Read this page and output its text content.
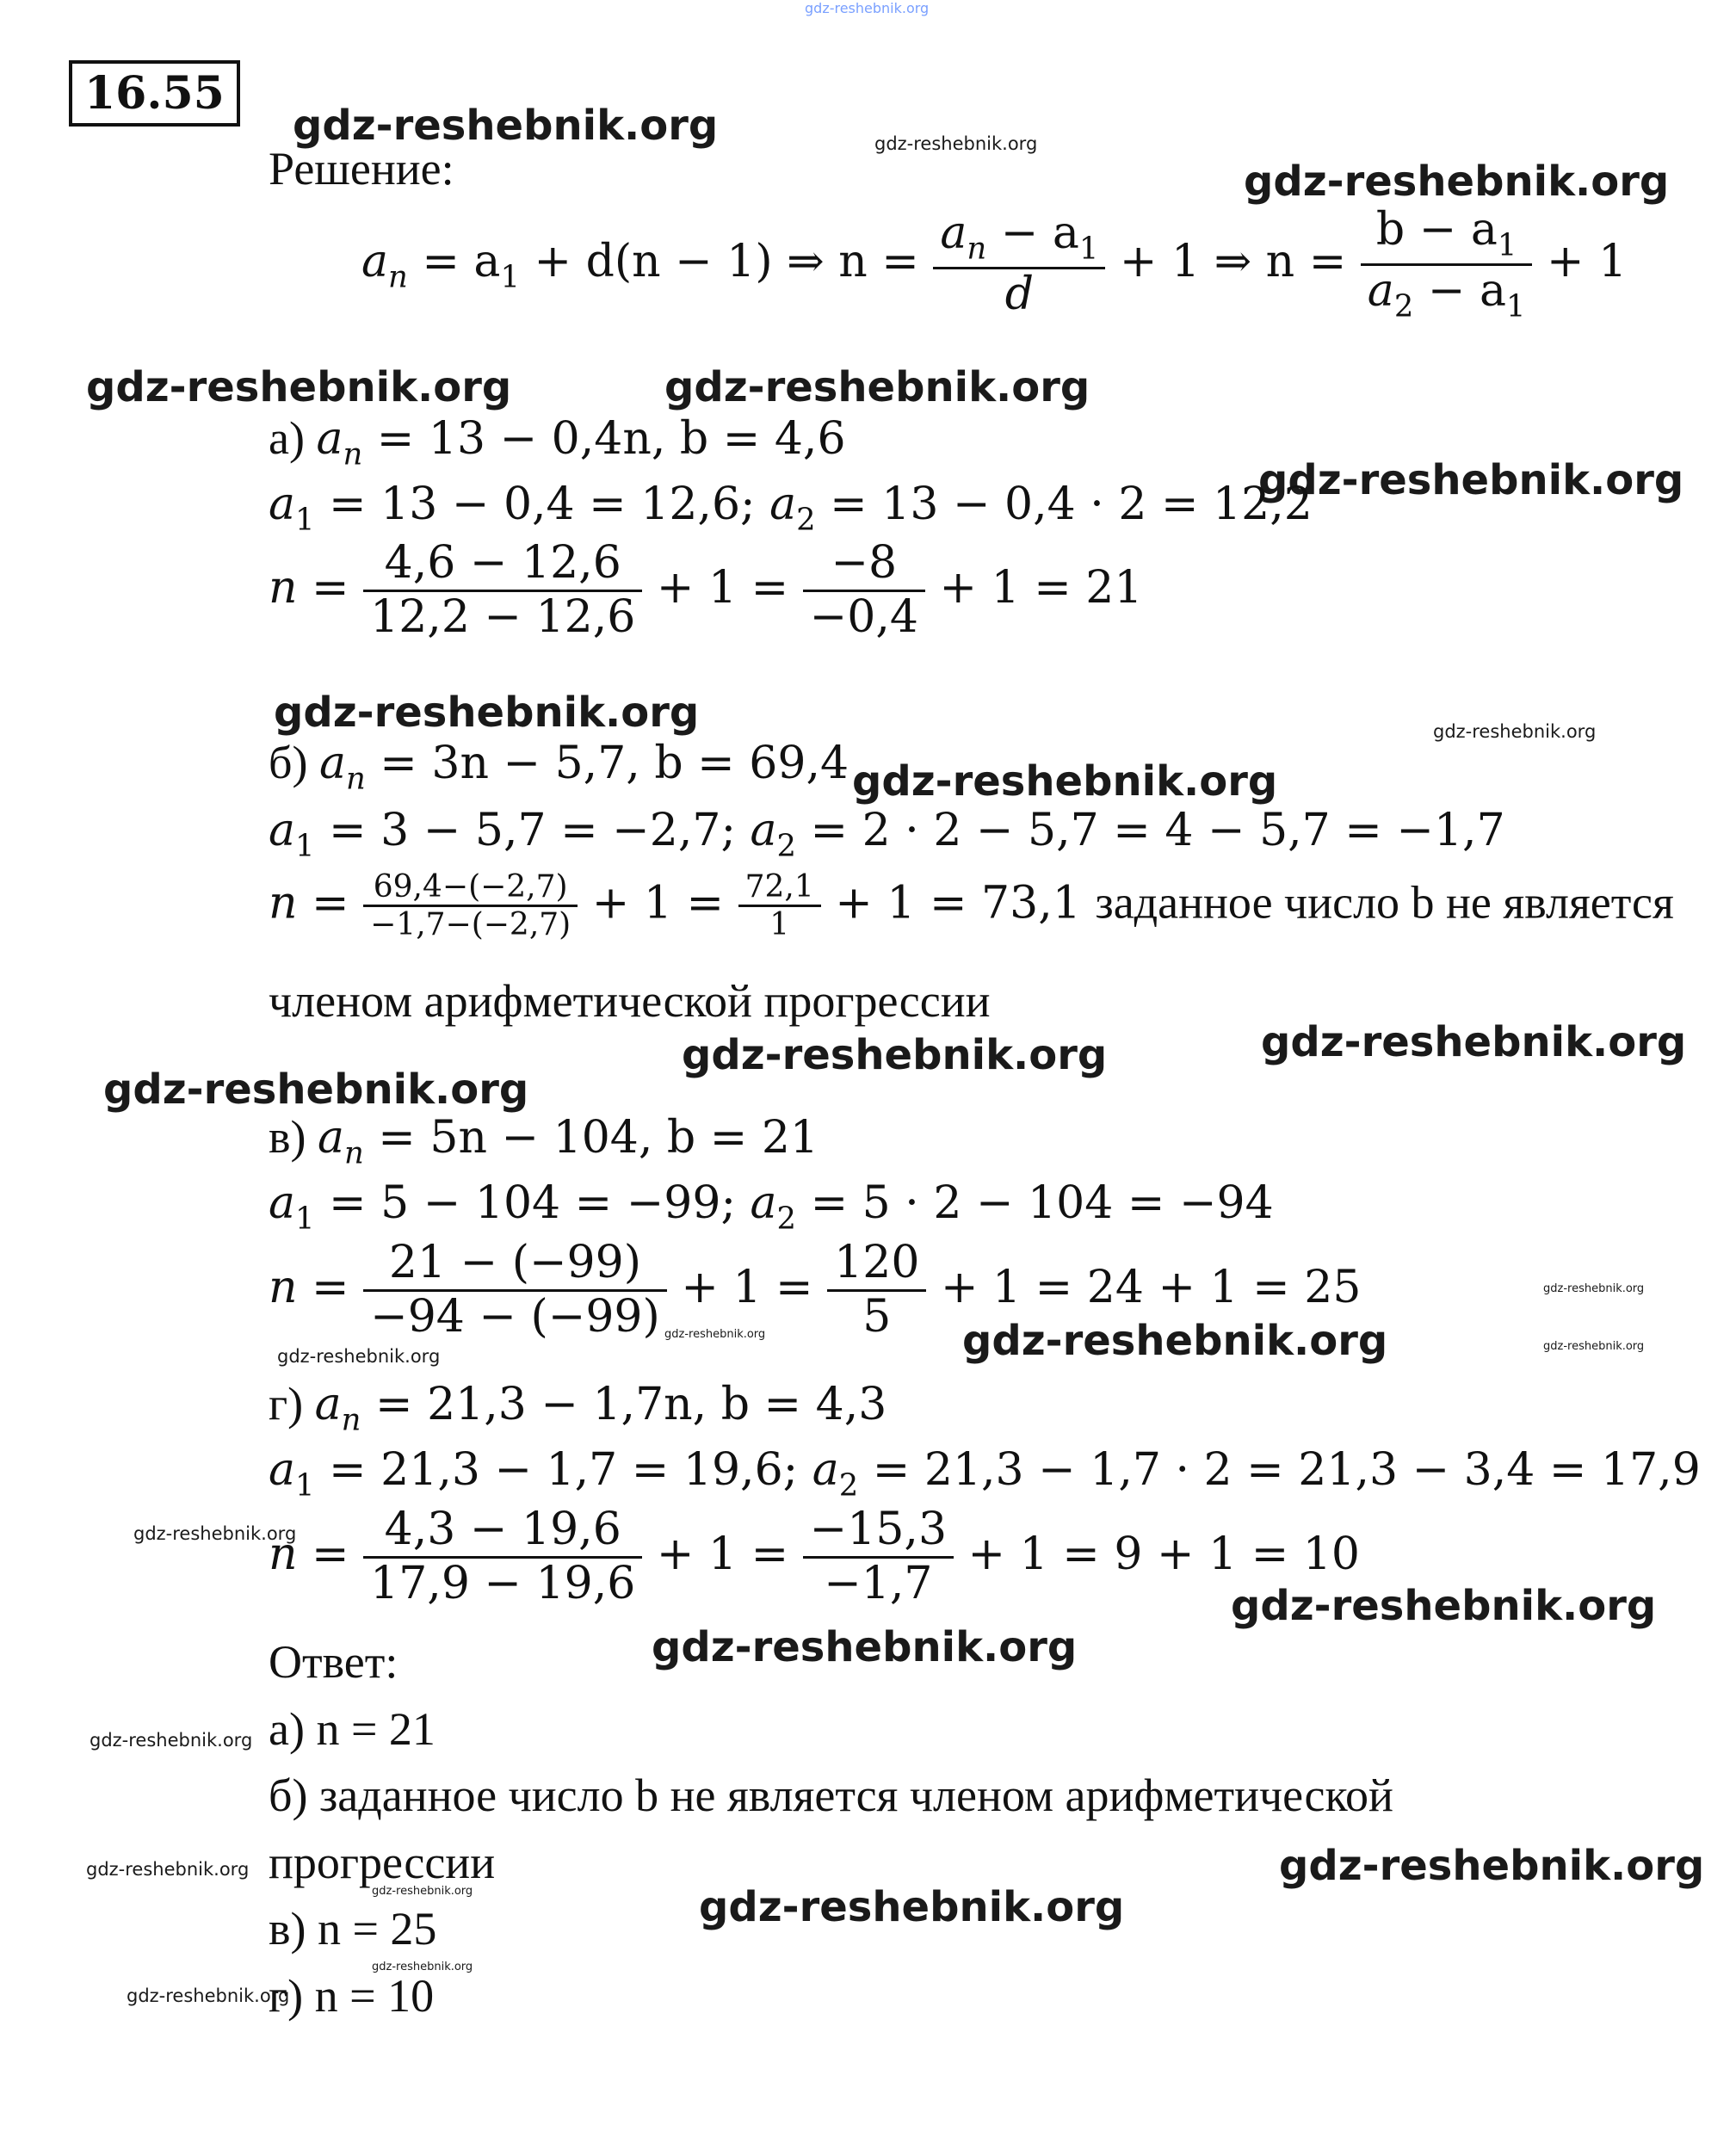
gdz-reshebnik.org
16.55
gdz-reshebnik.org	gdz-reshebnik.org
gdz-reshebnik.org
gdz-reshebnik.org	gdz-reshebnik.org
gdz-reshebnik.org
gdz-reshebnik.org	gdz-reshebnik.org
gdz-reshebnik.org
gdz-reshebnik.org
gdz-reshebnik.org
gdz-reshebnik.org
gdz-reshebnik.org
gdz-reshebnik.org	gdz-reshebnik.org	gdz-reshebnik.org
gdz-reshebnik.org
gdz-reshebnik.org
gdz-reshebnik.org
gdz-reshebnik.org
gdz-reshebnik.org
gdz-reshebnik.org
gdz-reshebnik.org
gdz-reshebnik.org	gdz-reshebnik.org
gdz-reshebnik.org
gdz-reshebnik.org
Решение:
$a_n = a_1 + d(n - 1)$ ⇒ $n = \frac{a_n - a_1}{d} + 1$ ⇒ $n = \frac{b - a_1}{a_2 - a_1} + 1$
а) $a_n = 13 - 0,4n$, b = 4,6
$a_1 = 13 - 0,4 = 12,6$; $a_2 = 13 - 0,4 \cdot 2 = 12,2$
$n = \frac{4,6 - 12,6}{12,2 - 12,6} + 1 = \frac{-8}{-0,4} + 1 = 21$
б) $a_n = 3n - 5,7$, b = 69,4
$a_1 = 3 - 5,7 = -2,7$; $a_2 = 2 \cdot 2 - 5,7 = 4 - 5,7 = -1,7$
$n = \frac{69,4-(-2,7)}{-1,7-(-2,7)} + 1 = \frac{72,1}{1} + 1 = 73,1$ заданное число b не является
членом арифметической прогрессии
в) $a_n = 5n - 104$, b = 21
$a_1 = 5 - 104 = -99$; $a_2 = 5 \cdot 2 - 104 = -94$
$n = \frac{21 - (-99)}{-94 - (-99)} + 1 = \frac{120}{5} + 1 = 24 + 1 = 25$
г) $a_n = 21,3 - 1,7n$, b = 4,3
$a_1 = 21,3 - 1,7 = 19,6$; $a_2 = 21,3 - 1,7 \cdot 2 = 21,3 - 3,4 = 17,9$
$n = \frac{4,3 - 19,6}{17,9 - 19,6} + 1 = \frac{-15,3}{-1,7} + 1 = 9 + 1 = 10$
Ответ:
а) n = 21
б) заданное число b не является членом арифметической
прогрессии
в) n = 25
г) n = 10
